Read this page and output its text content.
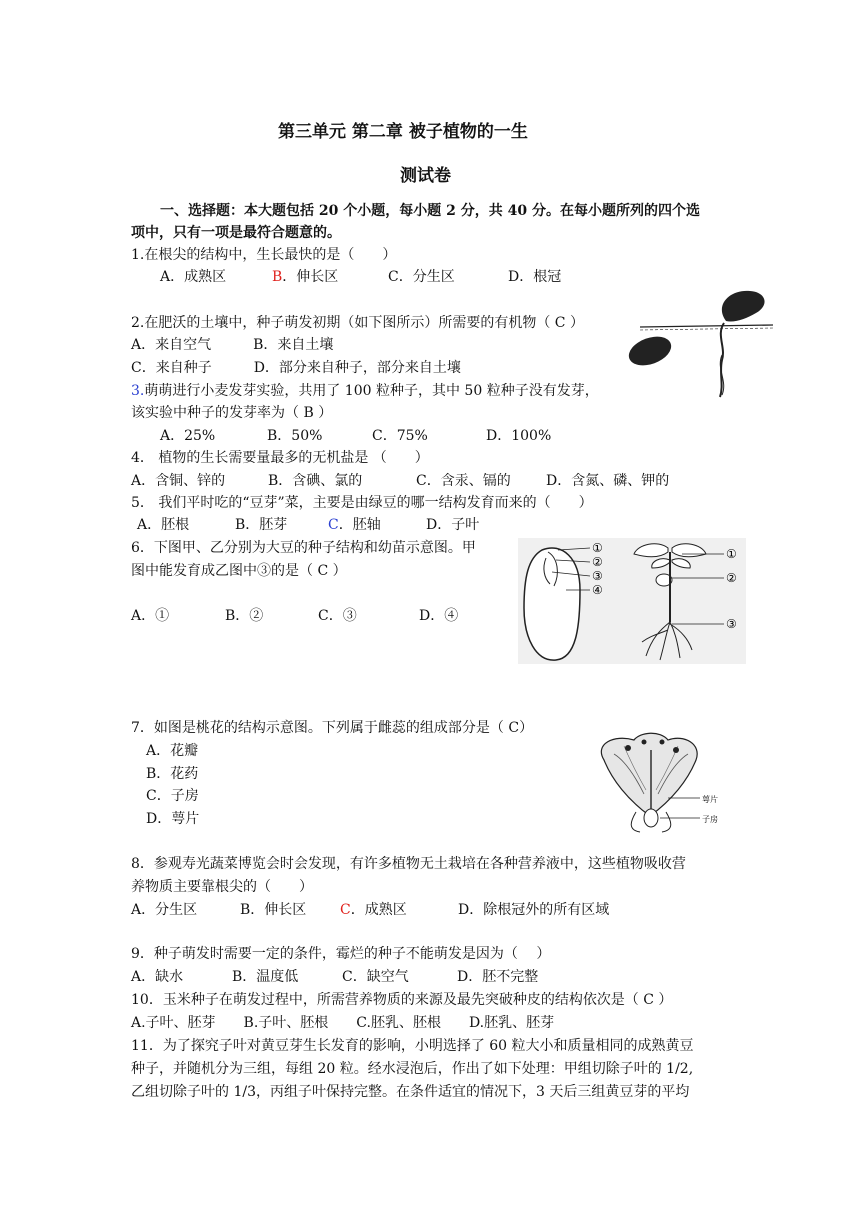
第三单元 第二章 被子植物的一生
测试卷
一、选择题：本大题包括 20 个小题，每小题 2 分，共 40 分。在每小题所列的四个选
项中，只有一项是最符合题意的。
1.在根尖的结构中，生长最快的是（　　）
A．成熟区	B．伸长区	C．分生区	D．根冠
2.在肥沃的土壤中，种子萌发初期（如下图所示）所需要的有机物（ C ）
A．来自空气　　　B．来自土壤
C．来自种子　　　D．部分来自种子，部分来自土壤
3.萌萌进行小麦发芽实验，共用了 100 粒种子，其中 50 粒种子没有发芽，
该实验中种子的发芽率为（ B ）
A．25%	B．50%	C．75%	D．100%
4． 植物的生长需要量最多的无机盐是 （　　）
A．含铜、锌的	B．含碘、氯的	C．含汞、镉的	D．含氮、磷、钾的
5． 我们平时吃的“豆芽”菜，主要是由绿豆的哪一结构发育而来的（　　）
A．胚根	B．胚芽	C．胚轴	D．子叶
6．下图甲、乙分别为大豆的种子结构和幼苗示意图。甲
图中能发育成乙图中③的是（ C ）
A．①	B．②	C．③	D．④
①
②
③
④
①
②
③
7．如图是桃花的结构示意图。下列属于雌蕊的组成部分是（ C）
A．花瓣
B．花药
C．子房
D．萼片
萼片
子房
8．参观寿光蔬菜博览会时会发现，有许多植物无土栽培在各种营养液中，这些植物吸收营
养物质主要靠根尖的（　　）
A．分生区	B．伸长区 C．成熟区	D．除根冠外的所有区域
9．种子萌发时需要一定的条件，霉烂的种子不能萌发是因为（　 ）
A．缺水	B．温度低	C．缺空气	D．胚不完整
10．玉米种子在萌发过程中，所需营养物质的来源及最先突破种皮的结构依次是（ C ）
A.子叶、胚芽　　B.子叶、胚根　　C.胚乳、胚根　　D.胚乳、胚芽
11．为了探究子叶对黄豆芽生长发育的影响，小明选择了 60 粒大小和质量相同的成熟黄豆
种子，并随机分为三组，每组 20 粒。经水浸泡后，作出了如下处理：甲组切除子叶的 1/2,
乙组切除子叶的 1/3，丙组子叶保持完整。在条件适宜的情况下，3 天后三组黄豆芽的平均
